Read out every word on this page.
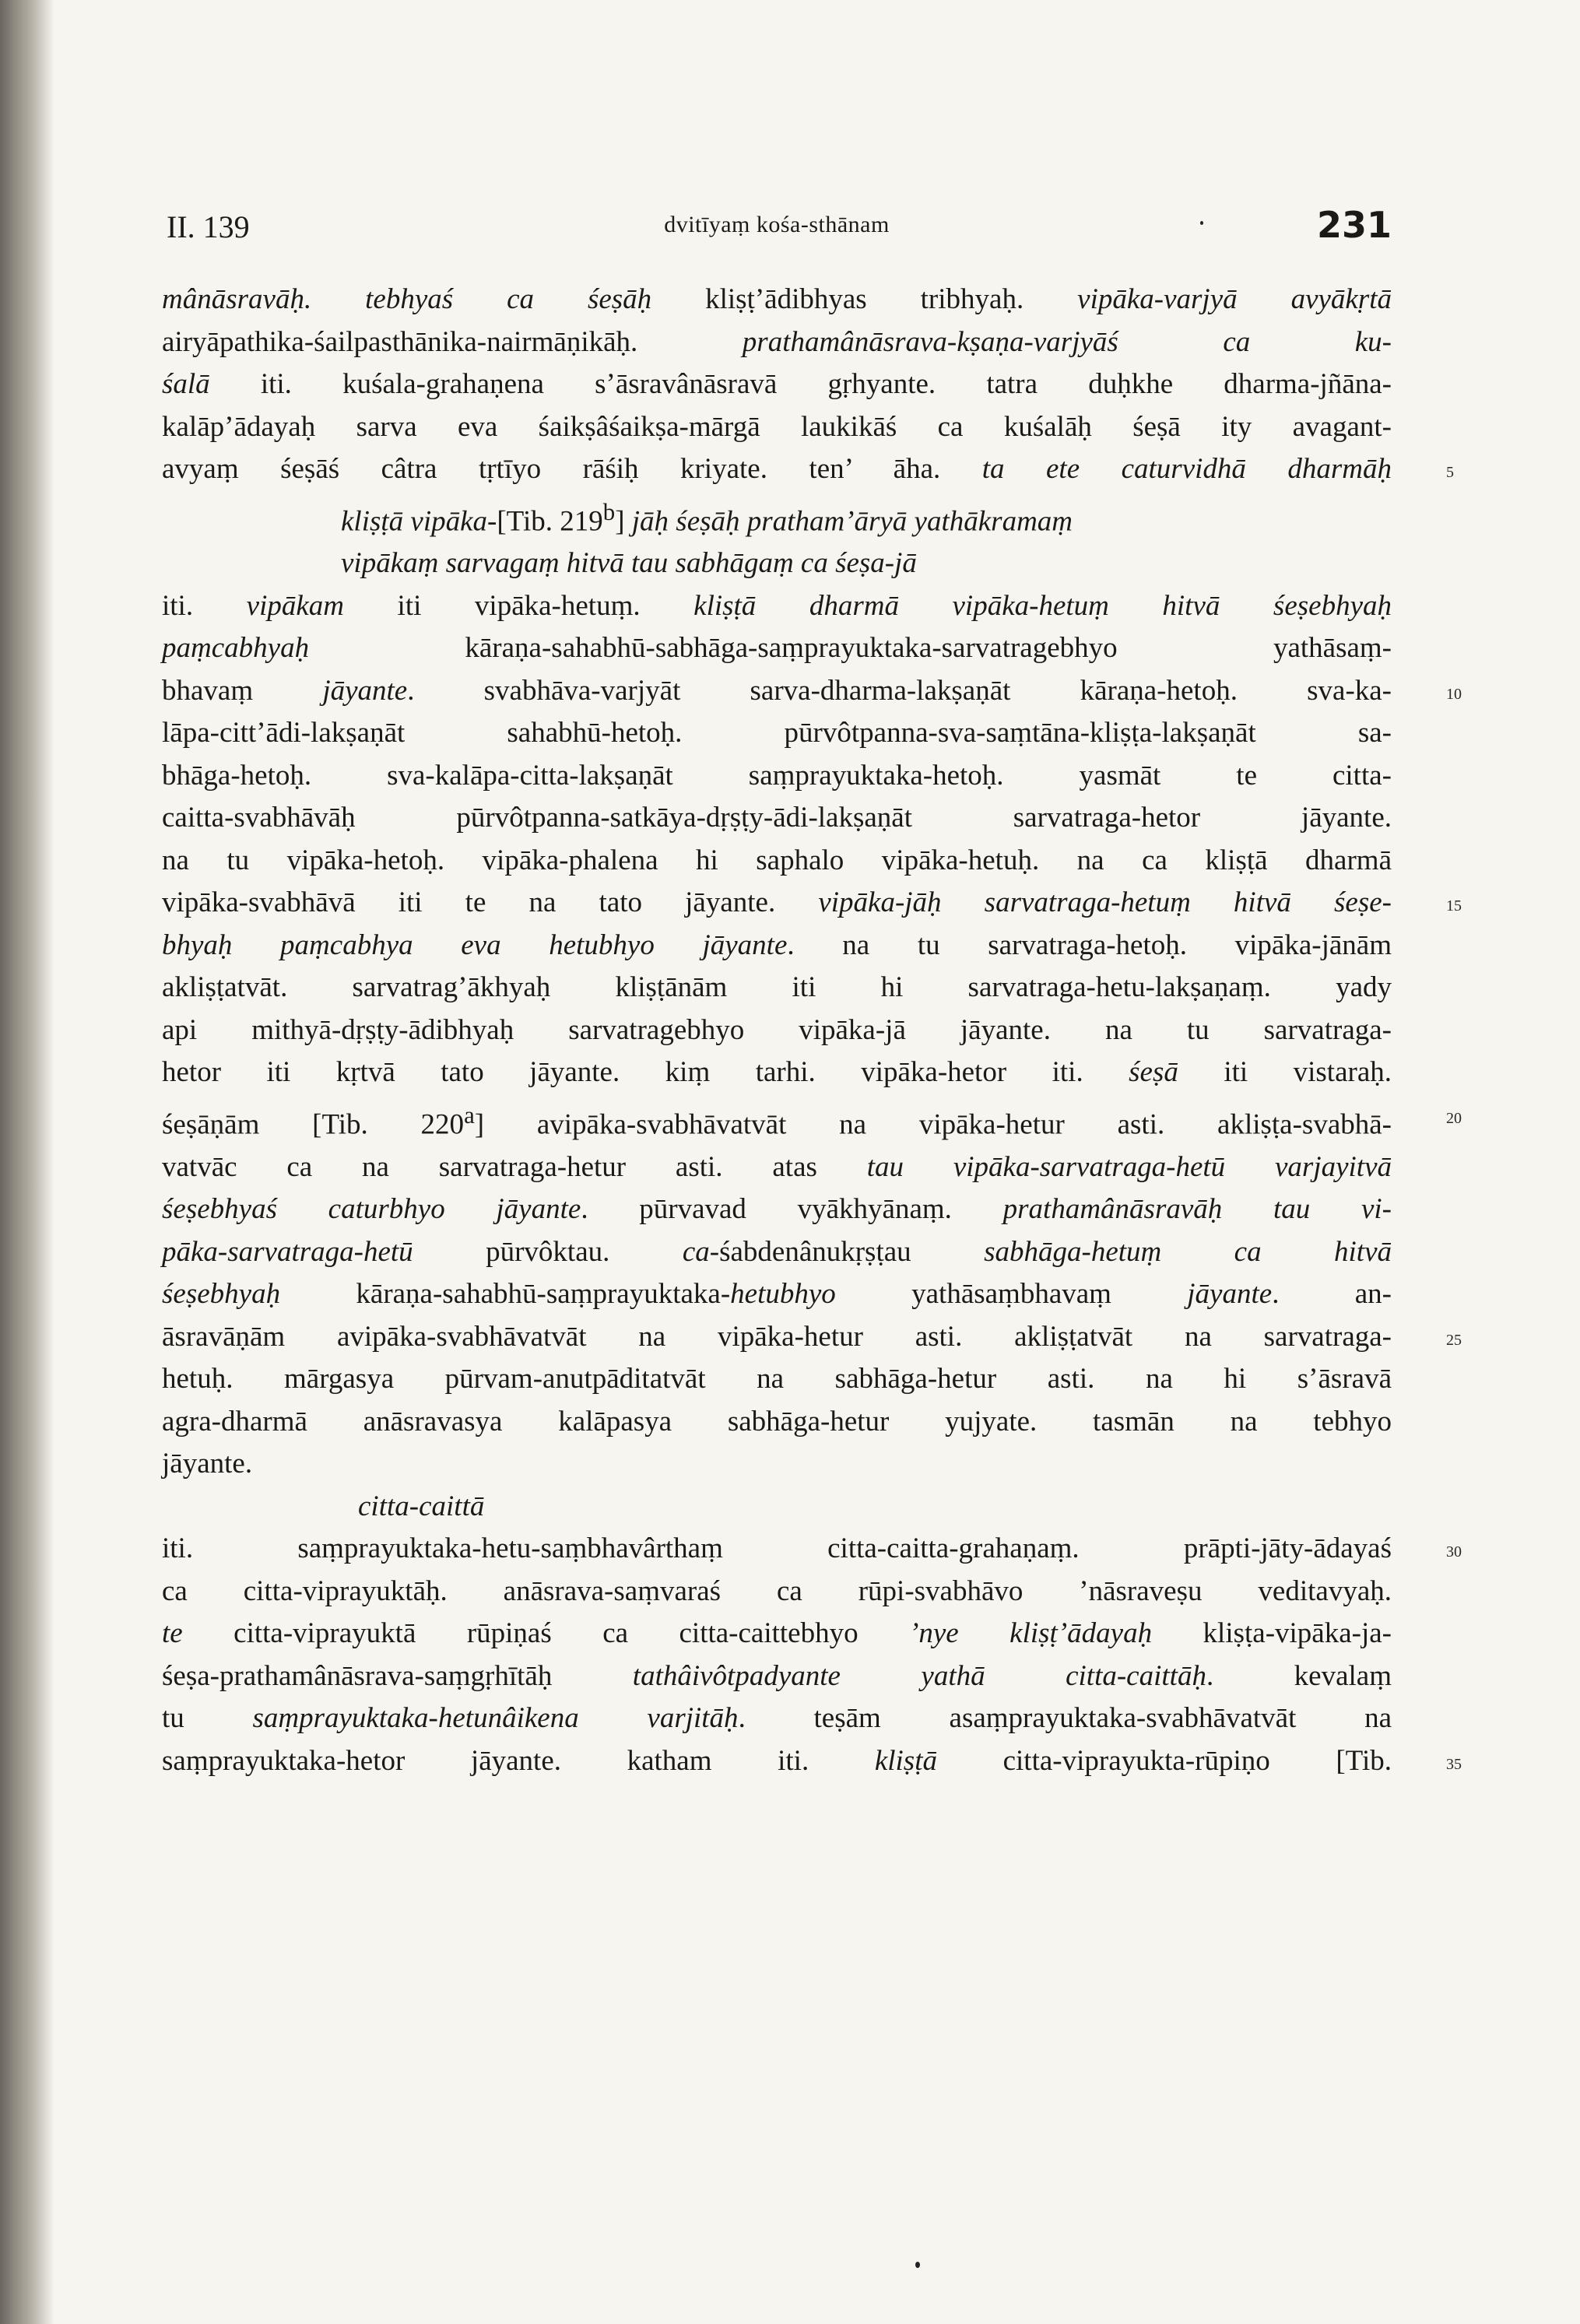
II. 139	dvitīyaṃ kośa-sthānam	231
mânāsravāḥ. tebhyaś ca śeṣāḥ kliṣṭ’ādibhyas tribhyaḥ. vipāka-varjyā avyākṛtā
airyāpathika-śailpasthānika-nairmāṇikāḥ. prathamânāsrava-kṣaṇa-varjyāś ca ku-
śalā iti. kuśala-grahaṇena s’āsravânāsravā gṛhyante. tatra duḥkhe dharma-jñāna-
kalāp’ādayaḥ sarva eva śaikṣâśaikṣa-mārgā laukikāś ca kuśalāḥ śeṣā ity avagant-
avyaṃ śeṣāś câtra tṛtīyo rāśiḥ kriyate. ten’ āha. ta ete caturvidhā dharmāḥ	5
kliṣṭā vipāka-[Tib. 219$^b$] jāḥ śeṣāḥ pratham’āryā yathākramaṃ
vipākaṃ sarvagaṃ hitvā tau sabhāgaṃ ca śeṣa-jā
iti. vipākam iti vipāka-hetuṃ. kliṣṭā dharmā vipāka-hetuṃ hitvā śeṣebhyaḥ
paṃcabhyaḥ kāraṇa-sahabhū-sabhāga-saṃprayuktaka-sarvatragebhyo yathāsaṃ-
bhavaṃ jāyante. svabhāva-varjyāt sarva-dharma-lakṣaṇāt kāraṇa-hetoḥ. sva-ka-	10
lāpa-citt’ādi-lakṣaṇāt sahabhū-hetoḥ. pūrvôtpanna-sva-saṃtāna-kliṣṭa-lakṣaṇāt sa-
bhāga-hetoḥ. sva-kalāpa-citta-lakṣaṇāt saṃprayuktaka-hetoḥ. yasmāt te citta-
caitta-svabhāvāḥ pūrvôtpanna-satkāya-dṛṣṭy-ādi-lakṣaṇāt sarvatraga-hetor jāyante.
na tu vipāka-hetoḥ. vipāka-phalena hi saphalo vipāka-hetuḥ. na ca kliṣṭā dharmā
vipāka-svabhāvā iti te na tato jāyante. vipāka-jāḥ sarvatraga-hetuṃ hitvā śeṣe-	15
bhyaḥ paṃcabhya eva hetubhyo jāyante. na tu sarvatraga-hetoḥ. vipāka-jānām
akliṣṭatvāt. sarvatrag’ākhyaḥ kliṣṭānām iti hi sarvatraga-hetu-lakṣaṇaṃ. yady
api mithyā-dṛṣṭy-ādibhyaḥ sarvatragebhyo vipāka-jā jāyante. na tu sarvatraga-
hetor iti kṛtvā tato jāyante. kiṃ tarhi. vipāka-hetor iti. śeṣā iti vistaraḥ.
śeṣāṇām [Tib. 220$^a$] avipāka-svabhāvatvāt na vipāka-hetur asti. akliṣṭa-svabhā-	20
vatvāc ca na sarvatraga-hetur asti. atas tau vipāka-sarvatraga-hetū varjayitvā
śeṣebhyaś caturbhyo jāyante. pūrvavad vyākhyānaṃ. prathamânāsravāḥ tau vi-
pāka-sarvatraga-hetū pūrvôktau. ca-śabdenânukṛṣṭau sabhāga-hetuṃ ca hitvā
śeṣebhyaḥ kāraṇa-sahabhū-saṃprayuktaka-hetubhyo yathāsaṃbhavaṃ jāyante. an-
āsravāṇām avipāka-svabhāvatvāt na vipāka-hetur asti. akliṣṭatvāt na sarvatraga-	25
hetuḥ. mārgasya pūrvam-anutpāditatvāt na sabhāga-hetur asti. na hi s’āsravā
agra-dharmā anāsravasya kalāpasya sabhāga-hetur yujyate. tasmān na tebhyo
jāyante.
citta-caittā
iti. saṃprayuktaka-hetu-saṃbhavârthaṃ citta-caitta-grahaṇaṃ. prāpti-jāty-ādayaś	30
ca citta-viprayuktāḥ. anāsrava-saṃvaraś ca rūpi-svabhāvo ’nāsraveṣu veditavyaḥ.
te citta-viprayuktā rūpiṇaś ca citta-caittebhyo ’nye kliṣṭ’ādayaḥ kliṣṭa-vipāka-ja-
śeṣa-prathamânāsrava-saṃgṛhītāḥ tathâivôtpadyante yathā citta-caittāḥ. kevalaṃ
tu saṃprayuktaka-hetunâikena varjitāḥ. teṣām asaṃprayuktaka-svabhāvatvāt na
saṃprayuktaka-hetor jāyante. katham iti. kliṣṭā citta-viprayukta-rūpiṇo [Tib.	35
